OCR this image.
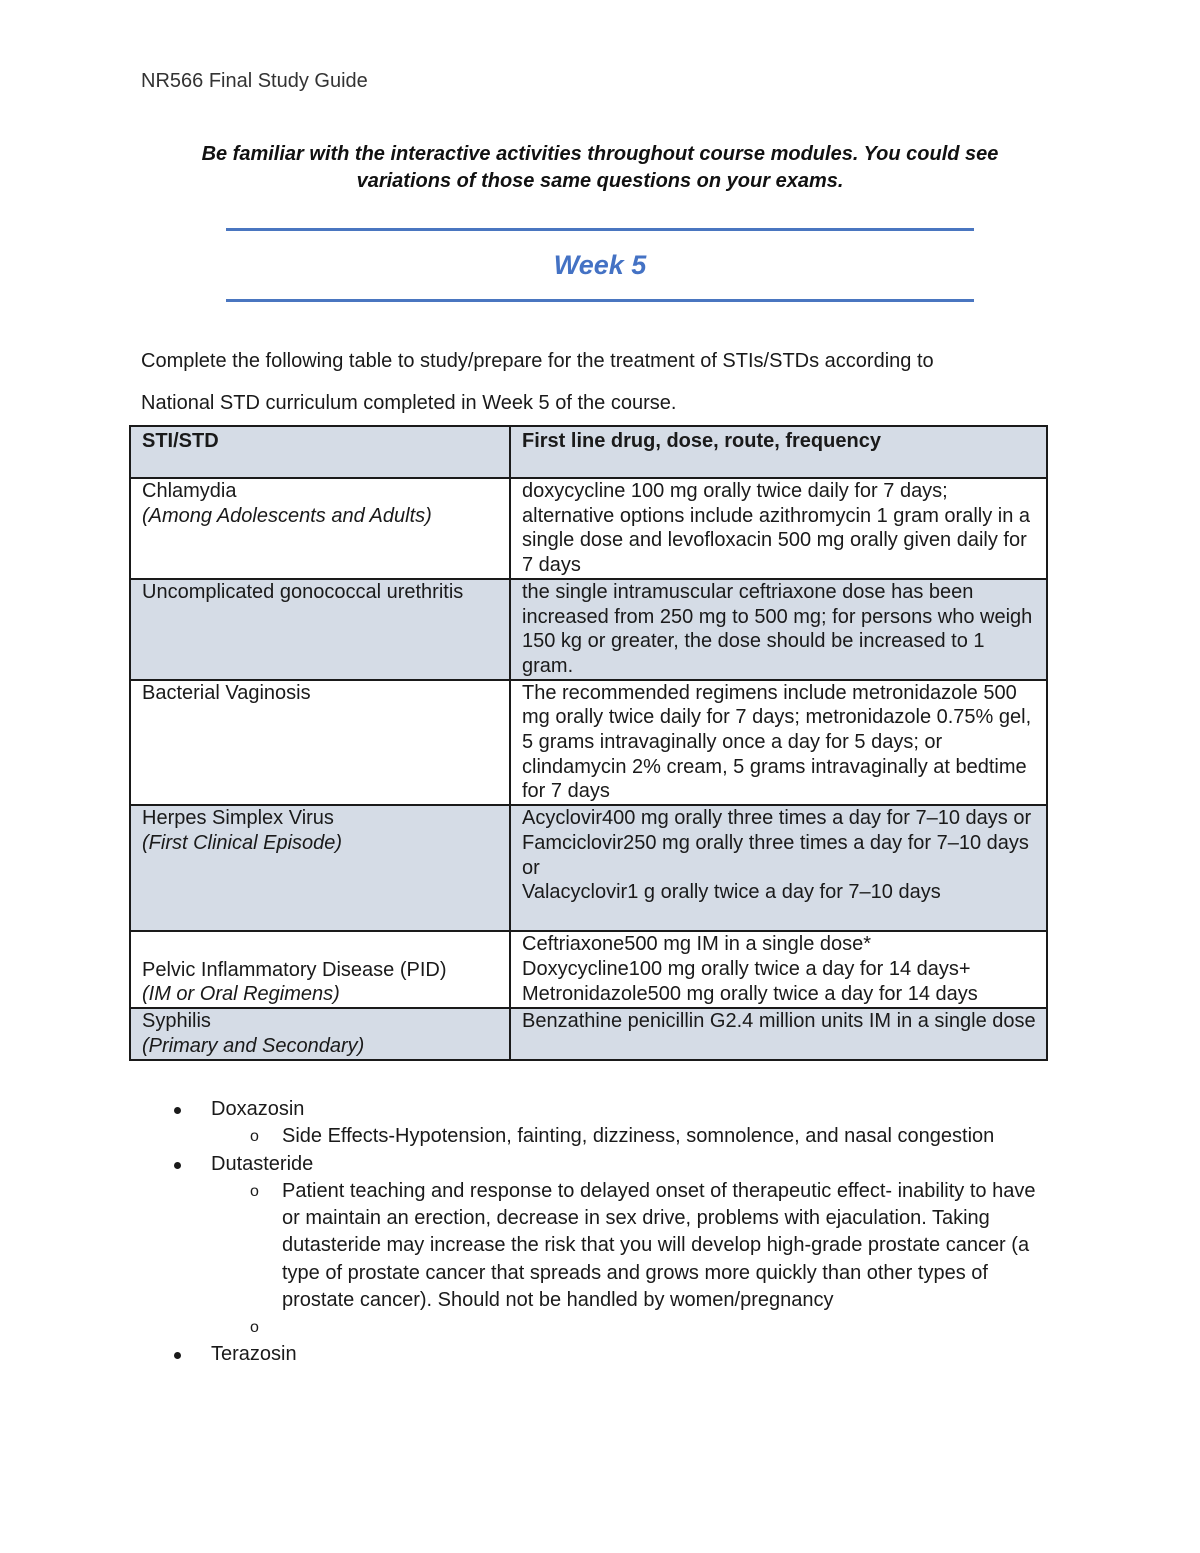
NR566 Final Study Guide
Be familiar with the interactive activities throughout course modules. You could see
variations of those same questions on your exams.
Week 5
Complete the following table to study/prepare for the treatment of STIs/STDs according to
National STD curriculum completed in Week 5 of the course.
STI/STD	First line drug, dose, route, frequency

Chlamydia
(Among Adolescents and Adults)	doxycycline 100 mg orally twice daily for 7 days; alternative options include azithromycin 1 gram orally in a single dose and levofloxacin 500 mg orally given daily for 7 days

Uncomplicated gonococcal urethritis	the single intramuscular ceftriaxone dose has been increased from 250 mg to 500 mg; for persons who weigh 150 kg or greater, the dose should be increased to 1 gram.

Bacterial Vaginosis	The recommended regimens include metronidazole 500 mg orally twice daily for 7 days; metronidazole 0.75% gel, 5 grams intravaginally once a day for 5 days; or clindamycin 2% cream, 5 grams intravaginally at bedtime for 7 days

Herpes Simplex Virus
(First Clinical Episode)	Acyclovir400 mg orally three times a day for 7–10 days or
Famciclovir250 mg orally three times a day for 7–10 days or
Valacyclovir1 g orally twice a day for 7–10 days

Pelvic Inflammatory Disease (PID)
(IM or Oral Regimens)	Ceftriaxone500 mg IM in a single dose*
Doxycycline100 mg orally twice a day for 14 days+
Metronidazole500 mg orally twice a day for 14 days

Syphilis
(Primary and Secondary)	Benzathine penicillin G2.4 million units IM in a single dose
Doxazosin
o Side Effects-Hypotension, fainting, dizziness, somnolence, and nasal congestion
Dutasteride
o Patient teaching and response to delayed onset of therapeutic effect- inability to have or maintain an erection, decrease in sex drive, problems with ejaculation. Taking dutasteride may increase the risk that you will develop high-grade prostate cancer (a type of prostate cancer that spreads and grows more quickly than other types of prostate cancer). Should not be handled by women/pregnancy
o
Terazosin
